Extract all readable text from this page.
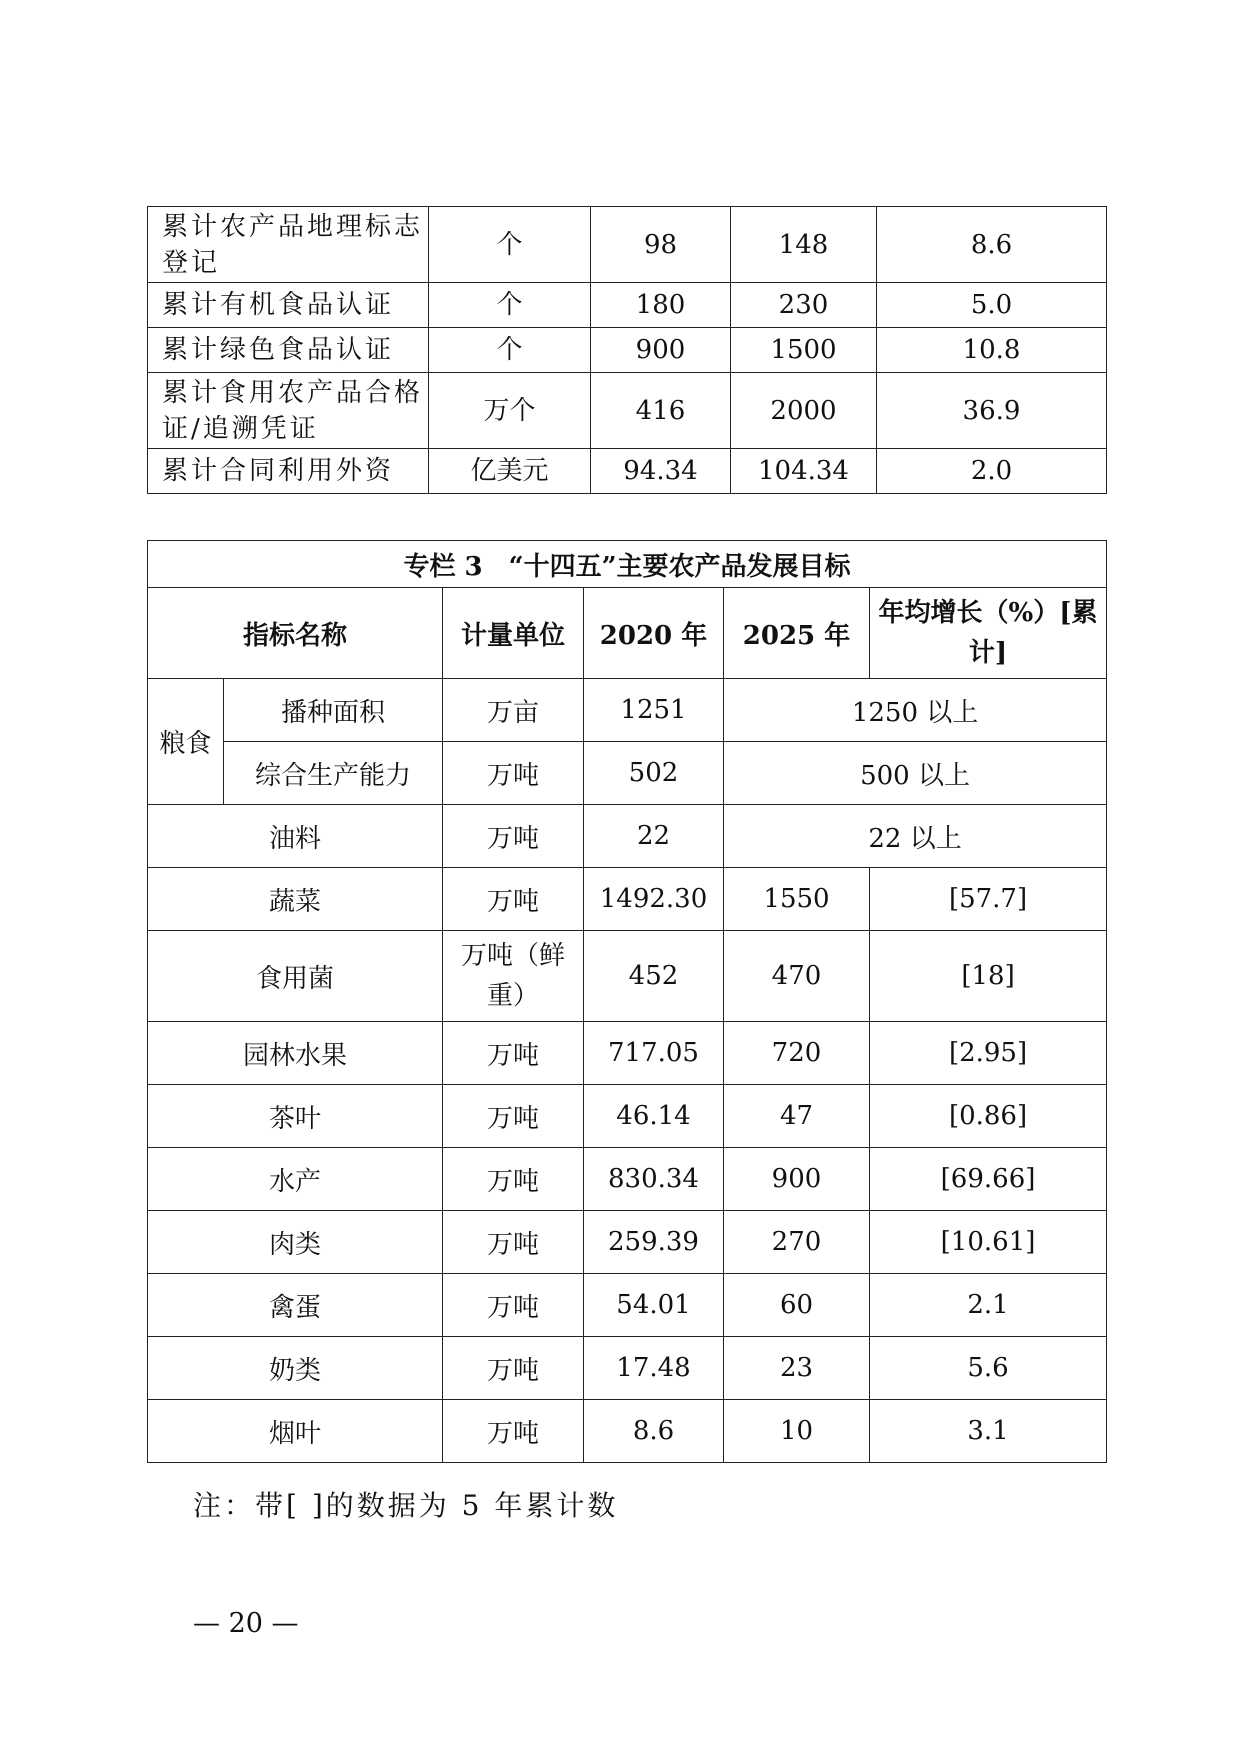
累计农产品地理标志登记	个	98	148	8.6
累计有机食品认证	个	180	230	5.0
累计绿色食品认证	个	900	1500	10.8
累计食用农产品合格证/追溯凭证	万个	416	2000	36.9
累计合同利用外资	亿美元	94.34	104.34	2.0
专栏 3　“十四五”主要农产品发展目标					
指标名称		计量单位	2020 年	2025 年	年均增长（%）[累计]
粮食	播种面积	万亩	1251	1250 以上	
	综合生产能力	万吨	502	500 以上	
油料		万吨	22	22 以上	
蔬菜		万吨	1492.30	1550	[57.7]
食用菌		万吨（鲜重）	452	470	[18]
园林水果		万吨	717.05	720	[2.95]
茶叶		万吨	46.14	47	[0.86]
水产		万吨	830.34	900	[69.66]
肉类		万吨	259.39	270	[10.61]
禽蛋		万吨	54.01	60	2.1
奶类		万吨	17.48	23	5.6
烟叶		万吨	8.6	10	3.1
注：带[ ]的数据为 5 年累计数
— 20 —
